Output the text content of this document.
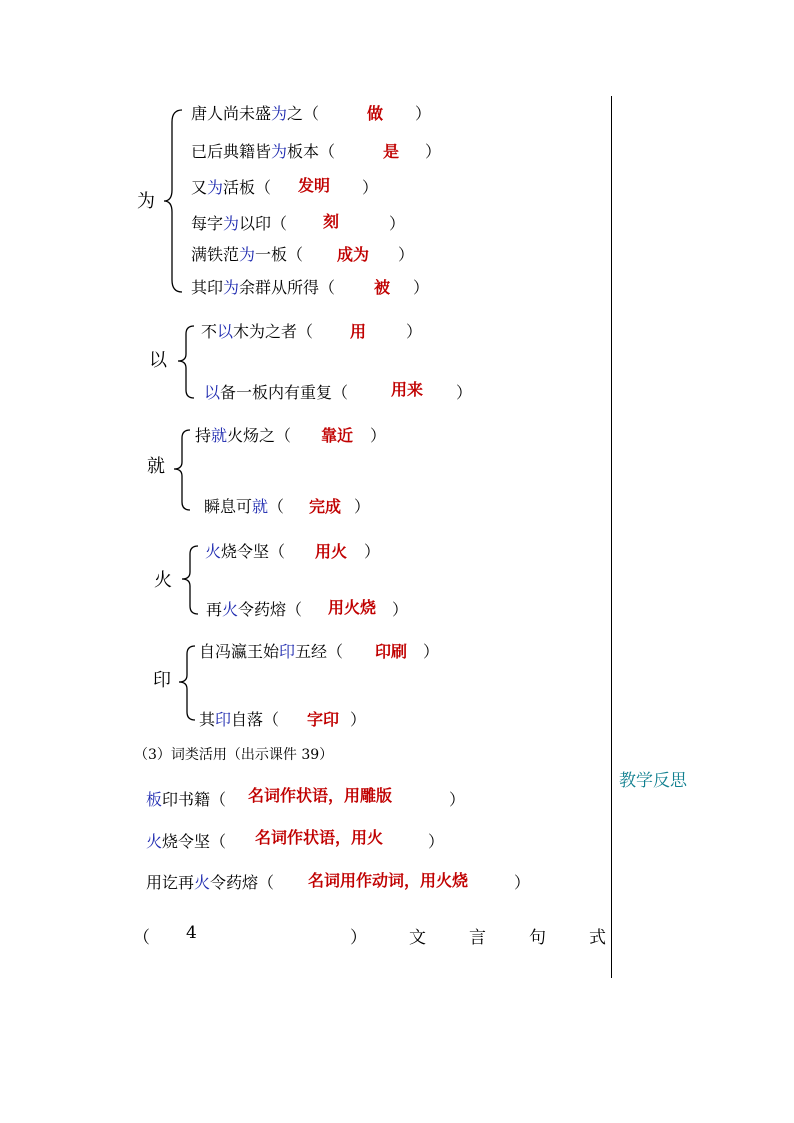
为
唐人尚未盛为之（	做 ）
已后典籍皆为板本（	是 ）
又为活板（ 发明 ）
每字为以印（ 刻	）
满铁范为一板（ 成为 ）
其印为余群从所得（ 被 ）
以
不以木为之者（ 用 ）
以备一板内有重复（	用来 ）
就
持就火炀之（ 靠近 ）
瞬息可就（ 完成 ）
火
火烧令坚（ 用火 ）
再火令药熔（ 用火烧 ）
印
自冯瀛王始印五经（ 印刷 ）
其印自落（ 字印 ）
（3）词类活用（出示课件 39）
板印书籍（ 名词作状语，用雕版	）
火烧令坚（ 名词作状语，用火	）
用讫再火令药熔（ 名词用作动词，用火烧	）
（ 4	） 文	言	句	式
教学反思
